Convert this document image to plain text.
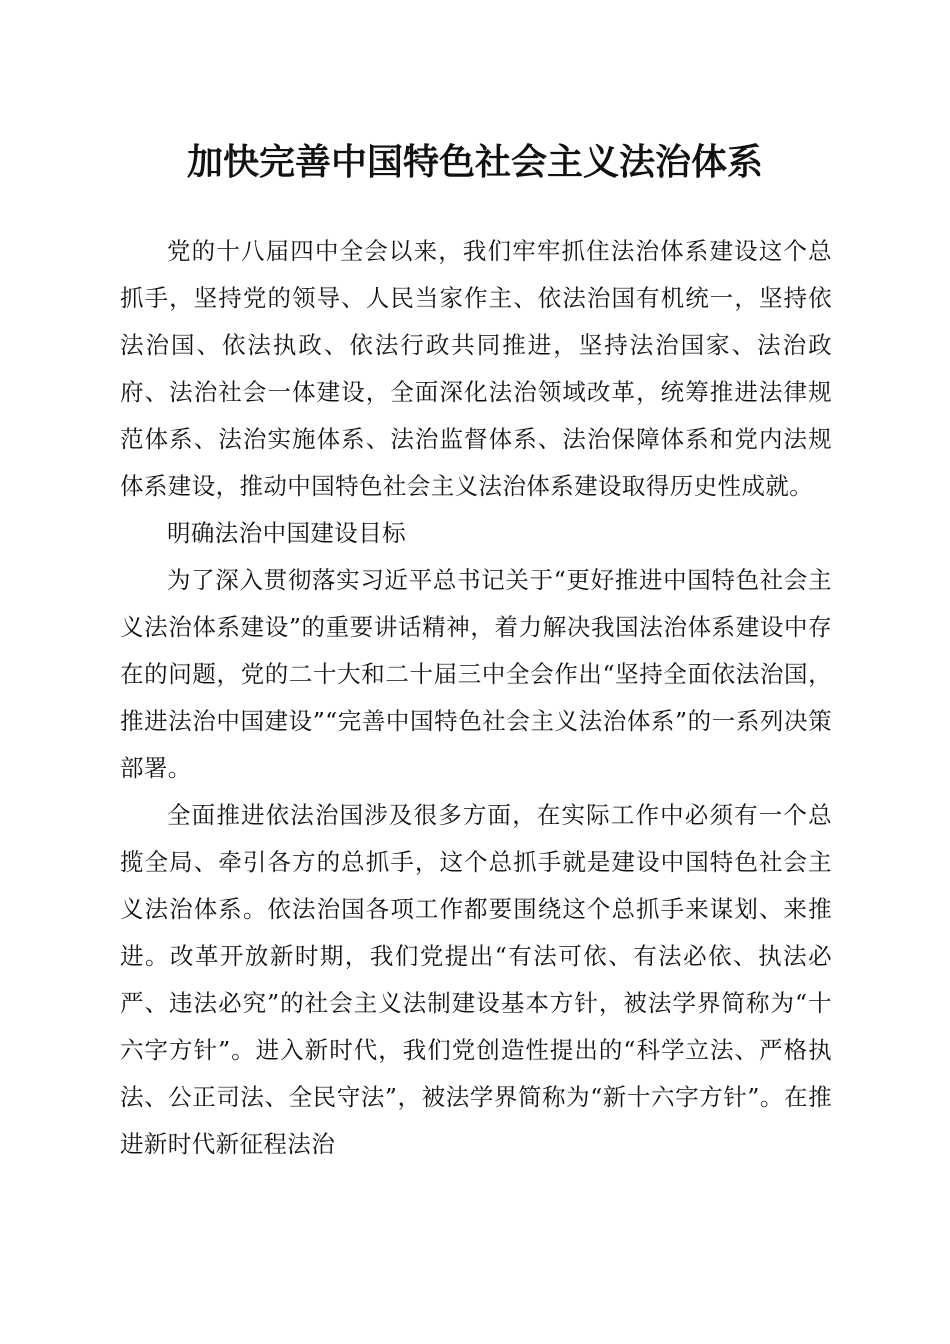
加快完善中国特色社会主义法治体系

党的十八届四中全会以来，我们牢牢抓住法治体系建设这个总抓手，坚持党的领导、人民当家作主、依法治国有机统一，坚持依法治国、依法执政、依法行政共同推进，坚持法治国家、法治政府、法治社会一体建设，全面深化法治领域改革，统筹推进法律规范体系、法治实施体系、法治监督体系、法治保障体系和党内法规体系建设，推动中国特色社会主义法治体系建设取得历史性成就。

明确法治中国建设目标

为了深入贯彻落实习近平总书记关于“更好推进中国特色社会主义法治体系建设”的重要讲话精神，着力解决我国法治体系建设中存在的问题，党的二十大和二十届三中全会作出“坚持全面依法治国，推进法治中国建设”“完善中国特色社会主义法治体系”的一系列决策部署。

全面推进依法治国涉及很多方面，在实际工作中必须有一个总揽全局、牵引各方的总抓手，这个总抓手就是建设中国特色社会主义法治体系。依法治国各项工作都要围绕这个总抓手来谋划、来推进。改革开放新时期，我们党提出“有法可依、有法必依、执法必严、违法必究”的社会主义法制建设基本方针，被法学界简称为“十六字方针”。进入新时代，我们党创造性提出的“科学立法、严格执法、公正司法、全民守法”，被法学界简称为“新十六字方针”。在推进新时代新征程法治
